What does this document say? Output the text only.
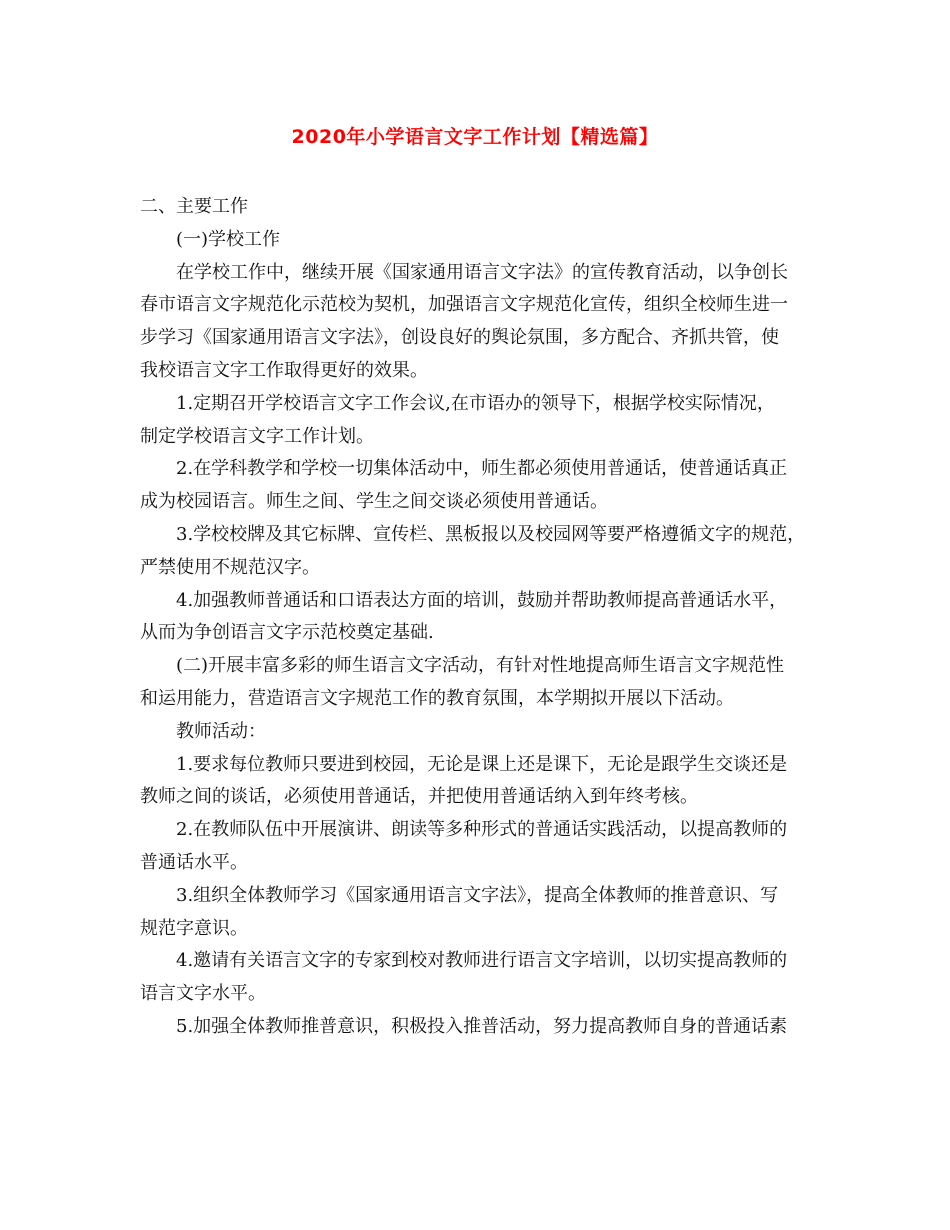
2020年小学语言文字工作计划【精选篇】
二、主要工作
(一)学校工作
在学校工作中，继续开展《国家通用语言文字法》的宣传教育活动，以争创长
春市语言文字规范化示范校为契机，加强语言文字规范化宣传，组织全校师生进一
步学习《国家通用语言文字法》，创设良好的舆论氛围，多方配合、齐抓共管，使
我校语言文字工作取得更好的效果。
1.定期召开学校语言文字工作会议,在市语办的领导下，根据学校实际情况，
制定学校语言文字工作计划。
2.在学科教学和学校一切集体活动中，师生都必须使用普通话，使普通话真正
成为校园语言。师生之间、学生之间交谈必须使用普通话。
3.学校校牌及其它标牌、宣传栏、黑板报以及校园网等要严格遵循文字的规范，
严禁使用不规范汉字。
4.加强教师普通话和口语表达方面的培训，鼓励并帮助教师提高普通话水平，
从而为争创语言文字示范校奠定基础.
(二)开展丰富多彩的师生语言文字活动，有针对性地提高师生语言文字规范性
和运用能力，营造语言文字规范工作的教育氛围，本学期拟开展以下活动。
教师活动：
1.要求每位教师只要进到校园，无论是课上还是课下，无论是跟学生交谈还是
教师之间的谈话，必须使用普通话，并把使用普通话纳入到年终考核。
2.在教师队伍中开展演讲、朗读等多种形式的普通话实践活动，以提高教师的
普通话水平。
3.组织全体教师学习《国家通用语言文字法》，提高全体教师的推普意识、写
规范字意识。
4.邀请有关语言文字的专家到校对教师进行语言文字培训，以切实提高教师的
语言文字水平。
5.加强全体教师推普意识，积极投入推普活动，努力提高教师自身的普通话素
